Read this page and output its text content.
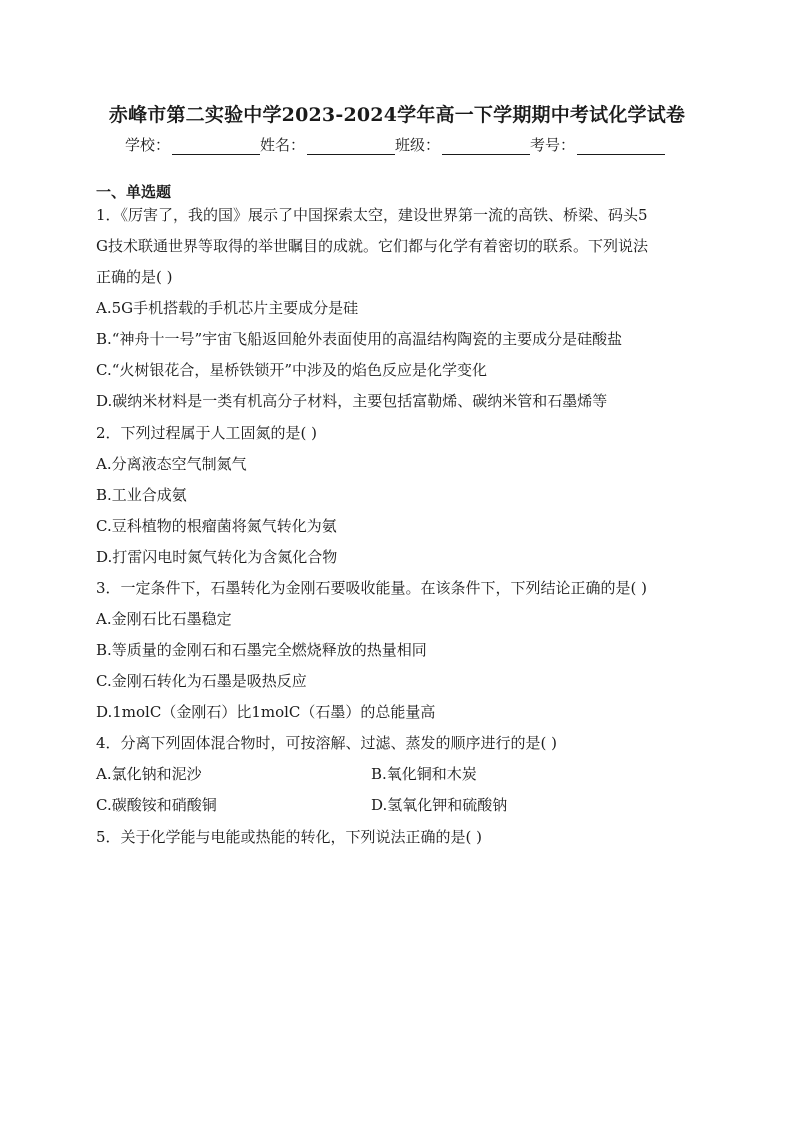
赤峰市第二实验中学2023-2024学年高一下学期期中考试化学试卷
学校：	姓名：	班级：	考号：
一、单选题
1．《厉害了，我的国》展示了中国探索太空，建设世界第一流的高铁、桥梁、码头5
G技术联通世界等取得的举世瞩目的成就。它们都与化学有着密切的联系。下列说法
正确的是( )
A.5G手机搭载的手机芯片主要成分是硅
B.“神舟十一号”宇宙飞船返回舱外表面使用的高温结构陶瓷的主要成分是硅酸盐
C.“火树银花合，星桥铁锁开”中涉及的焰色反应是化学变化
D.碳纳米材料是一类有机高分子材料，主要包括富勒烯、碳纳米管和石墨烯等
2．下列过程属于人工固氮的是( )
A.分离液态空气制氮气
B.工业合成氨
C.豆科植物的根瘤菌将氮气转化为氨
D.打雷闪电时氮气转化为含氮化合物
3．一定条件下，石墨转化为金刚石要吸收能量。在该条件下，下列结论正确的是( )
A.金刚石比石墨稳定
B.等质量的金刚石和石墨完全燃烧释放的热量相同
C.金刚石转化为石墨是吸热反应
D.1molC（金刚石）比1molC（石墨）的总能量高
4．分离下列固体混合物时，可按溶解、过滤、蒸发的顺序进行的是( )
A.氯化钠和泥沙	B.氧化铜和木炭
C.碳酸铵和硝酸铜	D.氢氧化钾和硫酸钠
5．关于化学能与电能或热能的转化，下列说法正确的是( )
